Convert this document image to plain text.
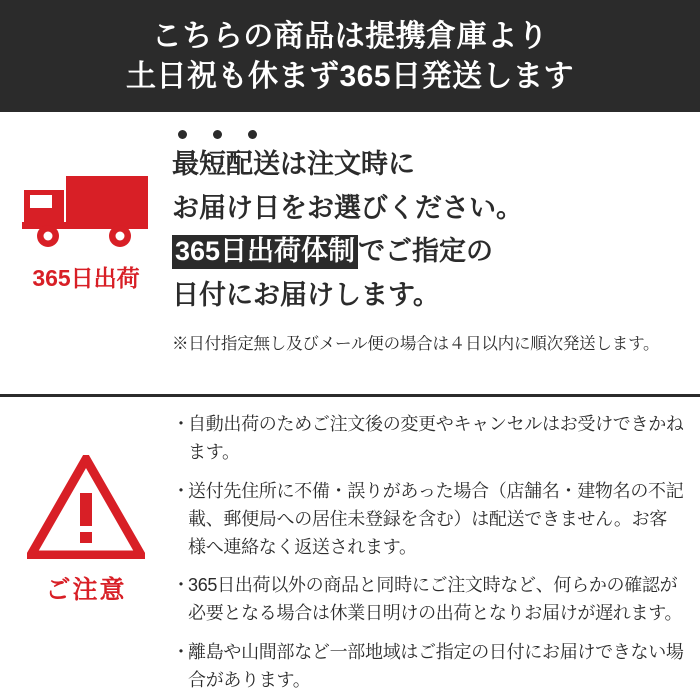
こちらの商品は提携倉庫より
土日祝も休まず365日発送します
365日出荷
最短配送は注文時に
お届け日をお選びください。
365日出荷体制 でご指定の
日付にお届けします。
※日付指定無し及びメール便の場合は４日以内に順次発送します。
ご注意
・
自動出荷のためご注文後の変更やキャンセルはお受けできかねます。
・
送付先住所に不備・誤りがあった場合（店舗名・建物名の不記載、郵便局への居住未登録を含む）は配送できません。お客様へ連絡なく返送されます。
・
365日出荷以外の商品と同時にご注文時など、何らかの確認が必要となる場合は休業日明けの出荷となりお届けが遅れます。
・
離島や山間部など一部地域はご指定の日付にお届けできない場合があります。
